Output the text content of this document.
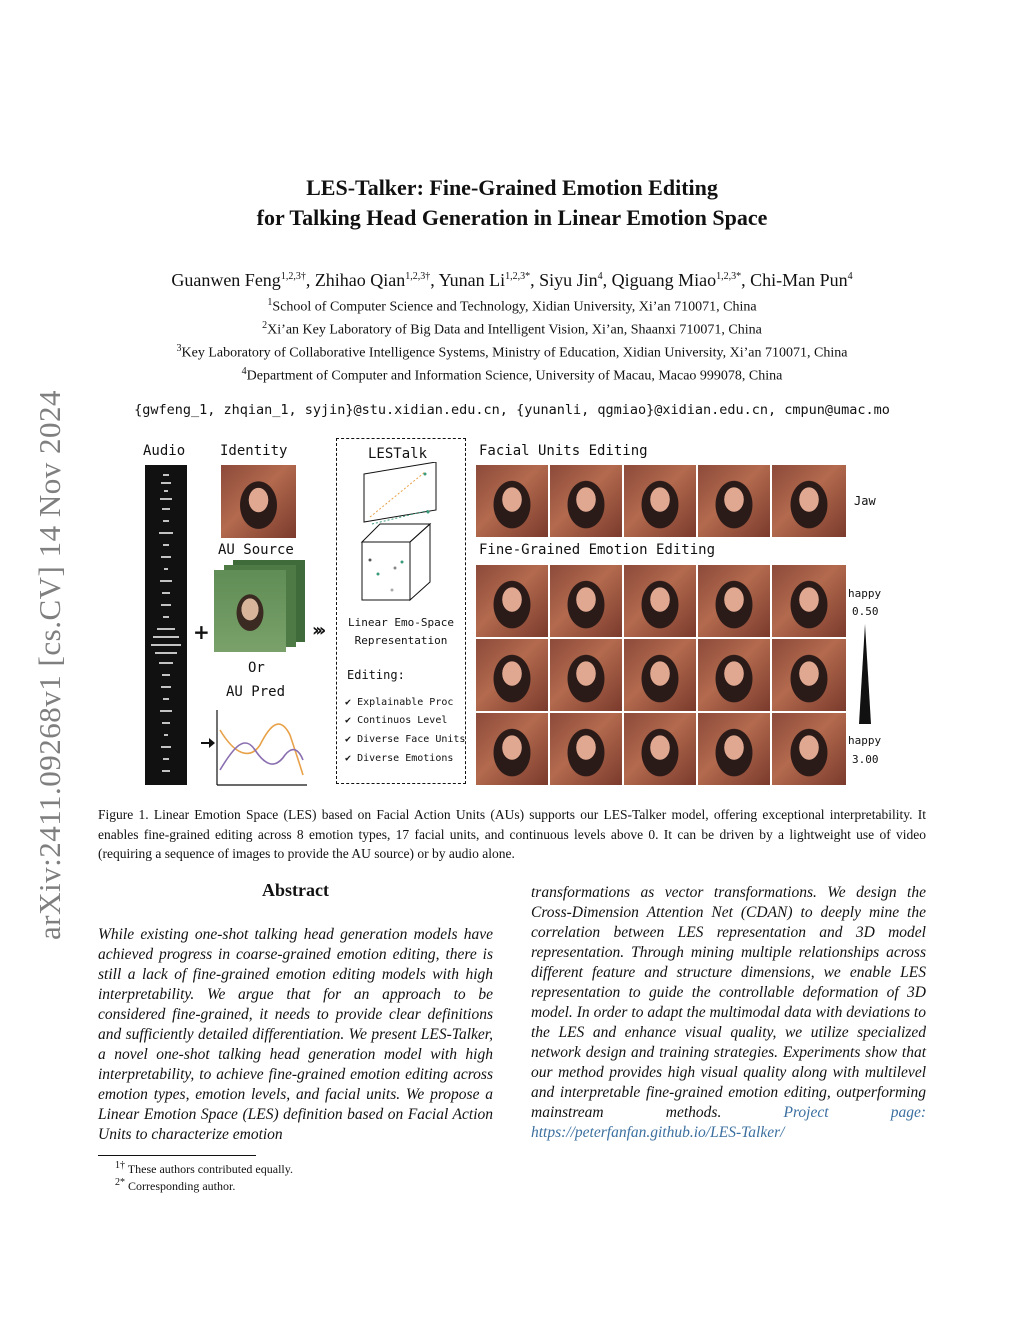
arXiv:2411.09268v1 [cs.CV] 14 Nov 2024
LES-Talker: Fine-Grained Emotion Editing
for Talking Head Generation in Linear Emotion Space
Guanwen Feng$^{1,2,3\dagger}$, Zhihao Qian$^{1,2,3\dagger}$, Yunan $Li^{1,2,3*}$, Siyu Jin$^4$, Qiguang Miao$^{1,2,3*}$, Chi-Man Pun$^4$
$^1$School of Computer Science and Technology, Xidian University, Xi’an 710071, China
$^2$Xi’an Key Laboratory of Big Data and Intelligent Vision, Xi’an, Shaanxi 710071, China
$^3$Key Laboratory of Collaborative Intelligence Systems, Ministry of Education, Xidian University, Xi’an 710071, China
$^4$Department of Computer and Information Science, University of Macau, Macao 999078, China
{gwfeng_1, zhqian_1, syjin}@stu.xidian.edu.cn, {yunanli, qgmiao}@xidian.edu.cn, cmpun@umac.mo
Audio Identity
AU Source
+
Or
AU Pred
›››
LESTalk
Linear Emo-Space
Representation
Editing:
✔ Explainable Proc
✔ Continuos Level
✔ Diverse Face Units
✔ Diverse Emotions
Facial Units Editing
Jaw
Fine-Grained Emotion Editing
happy
0.50
happy
3.00
Figure 1. Linear Emotion Space (LES) based on Facial Action Units (AUs) supports our LES-Talker model, offering exceptional interpretability. It enables fine-grained editing across 8 emotion types, 17 facial units, and continuous levels above 0. It can be driven by a lightweight use of video (requiring a sequence of images to provide the AU source) or by audio alone.
Abstract
While existing one-shot talking head generation models have achieved progress in coarse-grained emotion editing, there is still a lack of fine-grained emotion editing models with high interpretability. We argue that for an approach to be considered fine-grained, it needs to provide clear definitions and sufficiently detailed differentiation. We present LES-Talker, a novel one-shot talking head generation model with high interpretability, to achieve fine-grained emotion editing across emotion types, emotion levels, and facial units. We propose a Linear Emotion Space (LES) definition based on Facial Action Units to characterize emotion
transformations as vector transformations. We design the Cross-Dimension Attention Net (CDAN) to deeply mine the correlation between LES representation and 3D model representation. Through mining multiple relationships across different feature and structure dimensions, we enable LES representation to guide the controllable deformation of 3D model. In order to adapt the multimodal data with deviations to the LES and enhance visual quality, we utilize specialized network design and training strategies. Experiments show that our method provides high visual quality along with multilevel and interpretable fine-grained emotion editing, outperforming mainstream methods.	Project page: https://peterfanfan.github.io/LES-Talker/
$^{1\dagger}$ These authors contributed equally.
$^{2*}$ Corresponding author.
